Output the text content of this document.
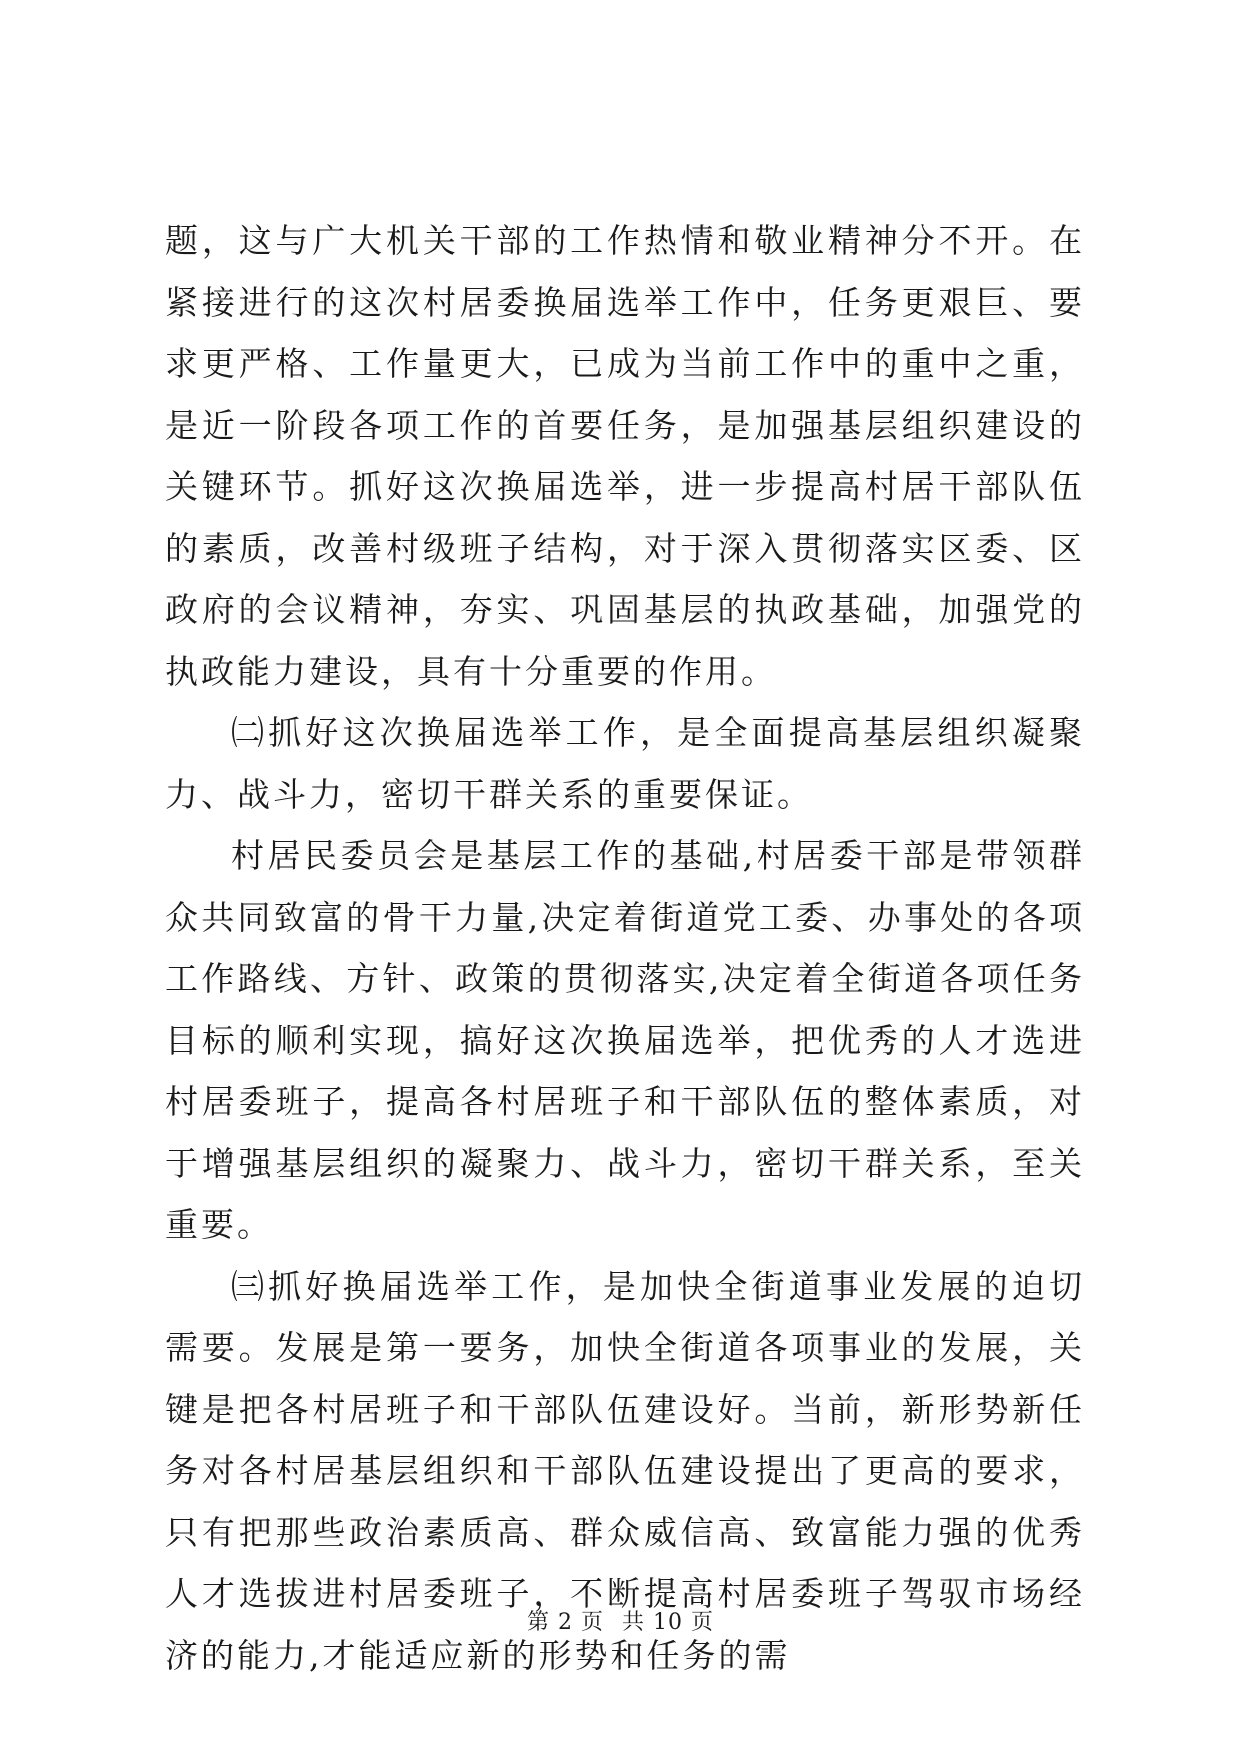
题，这与广大机关干部的工作热情和敬业精神分不开。在紧接进行的这次村居委换届选举工作中，任务更艰巨、要求更严格、工作量更大，已成为当前工作中的重中之重，是近一阶段各项工作的首要任务，是加强基层组织建设的关键环节。抓好这次换届选举，进一步提高村居干部队伍的素质，改善村级班子结构，对于深入贯彻落实区委、区政府的会议精神，夯实、巩固基层的执政基础，加强党的执政能力建设，具有十分重要的作用。

㈡抓好这次换届选举工作，是全面提高基层组织凝聚力、战斗力，密切干群关系的重要保证。

村居民委员会是基层工作的基础,村居委干部是带领群众共同致富的骨干力量,决定着街道党工委、办事处的各项工作路线、方针、政策的贯彻落实,决定着全街道各项任务目标的顺利实现，搞好这次换届选举，把优秀的人才选进村居委班子，提高各村居班子和干部队伍的整体素质，对于增强基层组织的凝聚力、战斗力，密切干群关系，至关重要。

㈢抓好换届选举工作，是加快全街道事业发展的迫切需要。发展是第一要务，加快全街道各项事业的发展，关键是把各村居班子和干部队伍建设好。当前，新形势新任务对各村居基层组织和干部队伍建设提出了更高的要求，只有把那些政治素质高、群众威信高、致富能力强的优秀人才选拔进村居委班子，不断提高村居委班子驾驭市场经济的能力,才能适应新的形势和任务的需

第 2 页 共 10 页
